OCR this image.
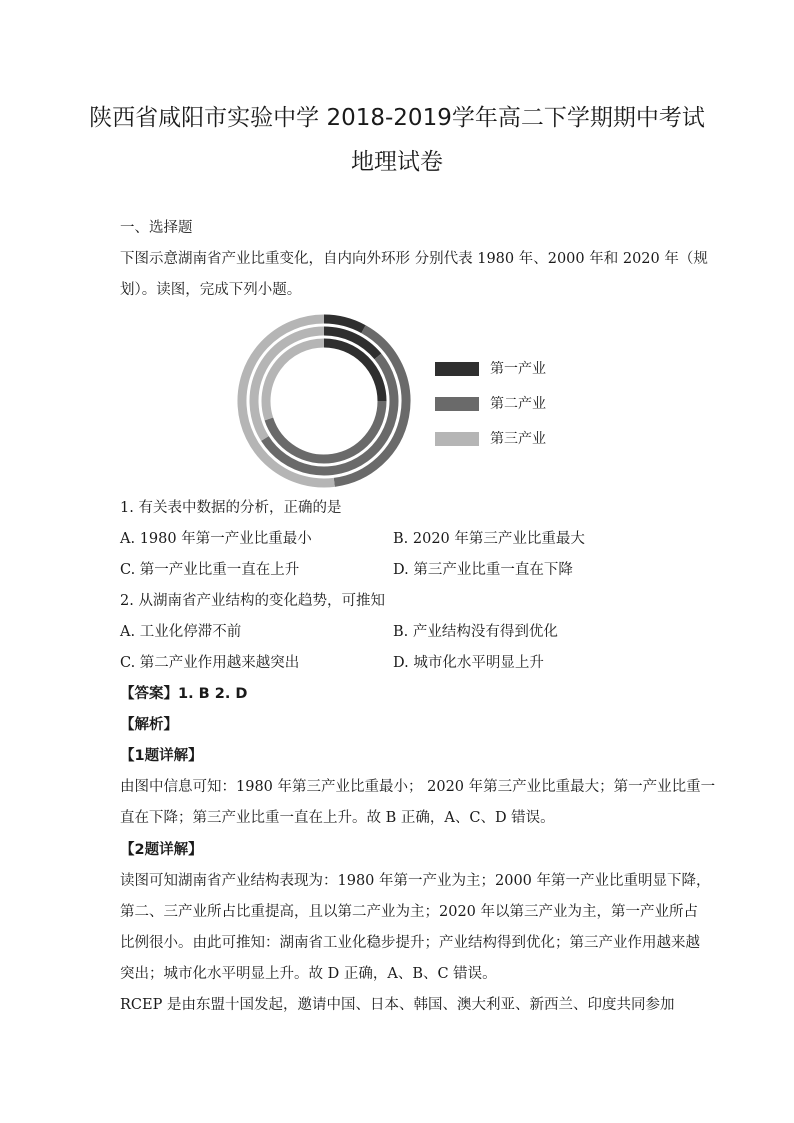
陕西省咸阳市实验中学 2018-2019学年高二下学期期中考试
地理试卷
一、选择题
下图示意湖南省产业比重变化，自内向外环形 分别代表 1980 年、2000 年和 2020 年（规
划）。读图，完成下列小题。
第一产业
第二产业
第三产业
1. 有关表中数据的分析，正确的是
A. 1980 年第一产业比重最小	B. 2020 年第三产业比重最大
C. 第一产业比重一直在上升	D. 第三产业比重一直在下降
2. 从湖南省产业结构的变化趋势，可推知
A. 工业化停滞不前	B. 产业结构没有得到优化
C. 第二产业作用越来越突出	D. 城市化水平明显上升
【答案】1. B 2. D
【解析】
【1题详解】
由图中信息可知：1980 年第三产业比重最小； 2020 年第三产业比重最大；第一产业比重一
直在下降；第三产业比重一直在上升。故 B 正确，A、C、D 错误。
【2题详解】
读图可知湖南省产业结构表现为：1980 年第一产业为主；2000 年第一产业比重明显下降，
第二、三产业所占比重提高，且以第二产业为主；2020 年以第三产业为主，第一产业所占
比例很小。由此可推知：湖南省工业化稳步提升；产业结构得到优化；第三产业作用越来越
突出；城市化水平明显上升。故 D 正确，A、B、C 错误。
RCEP 是由东盟十国发起，邀请中国、日本、韩国、澳大利亚、新西兰、印度共同参加
